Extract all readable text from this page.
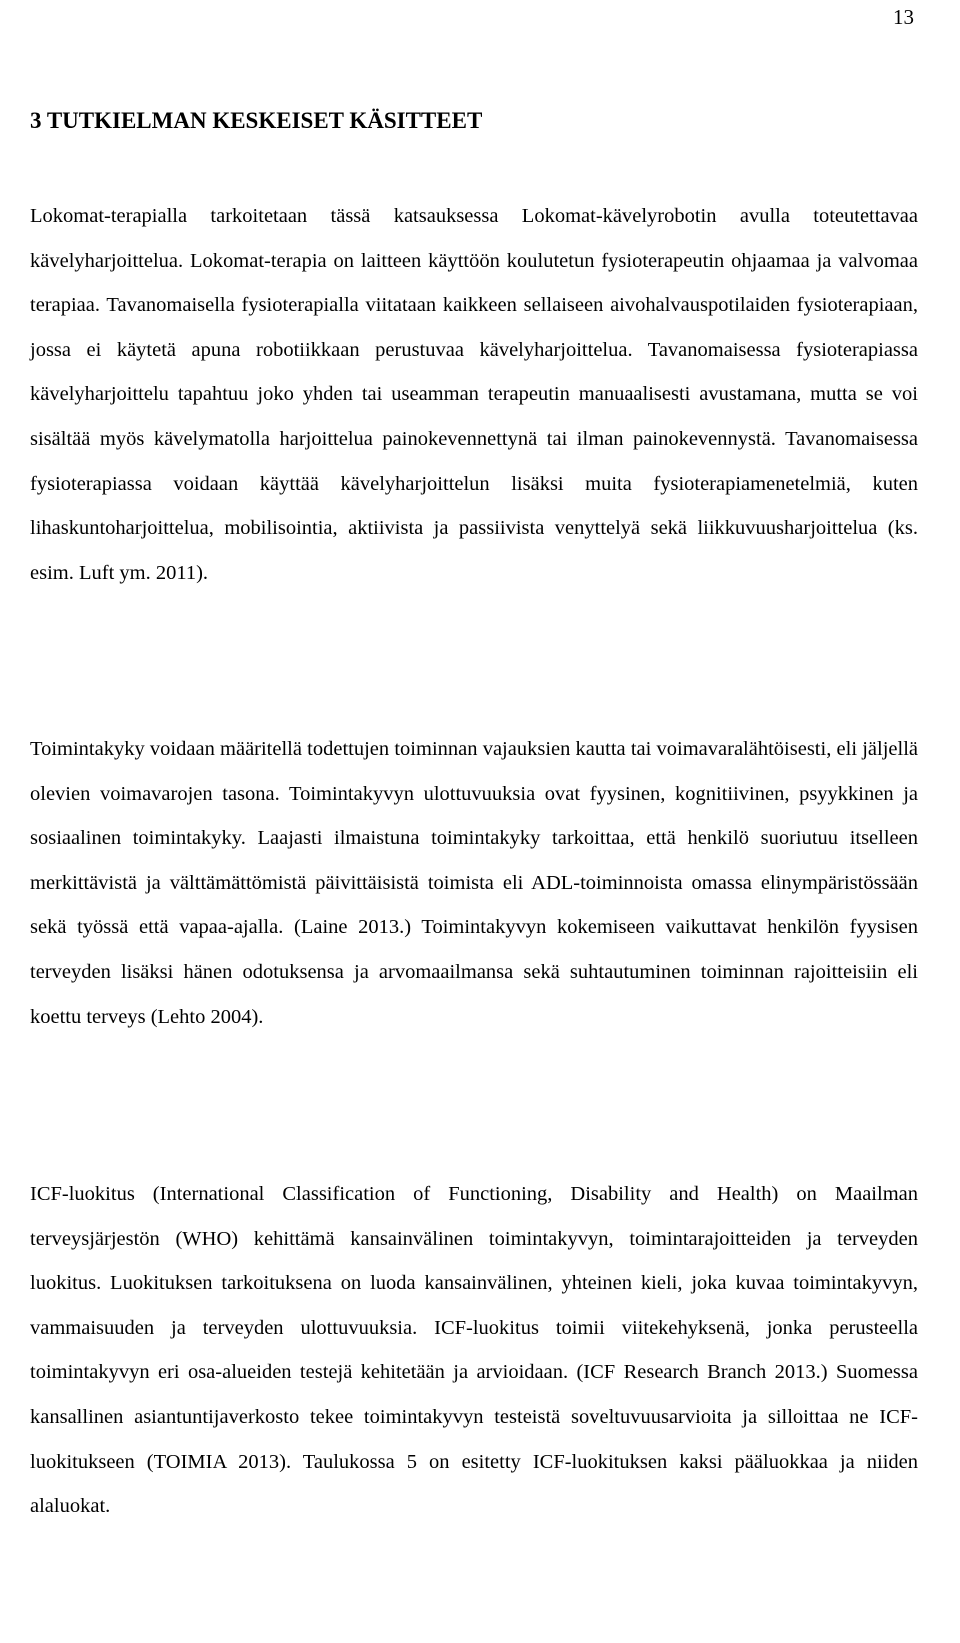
13
3 TUTKIELMAN KESKEISET KÄSITTEET

Lokomat-terapialla tarkoitetaan tässä katsauksessa Lokomat-kävelyrobotin avulla toteutettavaa kävelyharjoittelua. Lokomat-terapia on laitteen käyttöön koulutetun fysioterapeutin ohjaamaa ja valvomaa terapiaa. Tavanomaisella fysioterapialla viitataan kaikkeen sellaiseen aivohalvauspotilaiden fysioterapiaan, jossa ei käytetä apuna robotiikkaan perustuvaa kävelyharjoittelua. Tavanomaisessa fysioterapiassa kävelyharjoittelu tapahtuu joko yhden tai useamman terapeutin manuaalisesti avustamana, mutta se voi sisältää myös kävelymatolla harjoittelua painokevennettynä tai ilman painokevennystä. Tavanomaisessa fysioterapiassa voidaan käyttää kävelyharjoittelun lisäksi muita fysioterapiamenetelmiä, kuten lihaskuntoharjoittelua, mobilisointia, aktiivista ja passiivista venyttelyä sekä liikkuvuusharjoittelua (ks. esim. Luft ym. 2011).

Toimintakyky voidaan määritellä todettujen toiminnan vajauksien kautta tai voimavaralähtöisesti, eli jäljellä olevien voimavarojen tasona. Toimintakyvyn ulottuvuuksia ovat fyysinen, kognitiivinen, psyykkinen ja sosiaalinen toimintakyky. Laajasti ilmaistuna toimintakyky tarkoittaa, että henkilö suoriutuu itselleen merkittävistä ja välttämättömistä päivittäisistä toimista eli ADL-toiminnoista omassa elinympäristössään sekä työssä että vapaa-ajalla. (Laine 2013.) Toimintakyvyn kokemiseen vaikuttavat henkilön fyysisen terveyden lisäksi hänen odotuksensa ja arvomaailmansa sekä suhtautuminen toiminnan rajoitteisiin eli koettu terveys (Lehto 2004).

ICF-luokitus (International Classification of Functioning, Disability and Health) on Maailman terveysjärjestön (WHO) kehittämä kansainvälinen toimintakyvyn, toimintarajoitteiden ja terveyden luokitus. Luokituksen tarkoituksena on luoda kansainvälinen, yhteinen kieli, joka kuvaa toimintakyvyn, vammaisuuden ja terveyden ulottuvuuksia. ICF-luokitus toimii viitekehyksenä, jonka perusteella toimintakyvyn eri osa-alueiden testejä kehitetään ja arvioidaan. (ICF Research Branch 2013.) Suomessa kansallinen asiantuntijaverkosto tekee toimintakyvyn testeistä soveltuvuusarvioita ja silloittaa ne ICF-luokitukseen (TOIMIA 2013). Taulukossa 5 on esitetty ICF-luokituksen kaksi pääluokkaa ja niiden alaluokat.
